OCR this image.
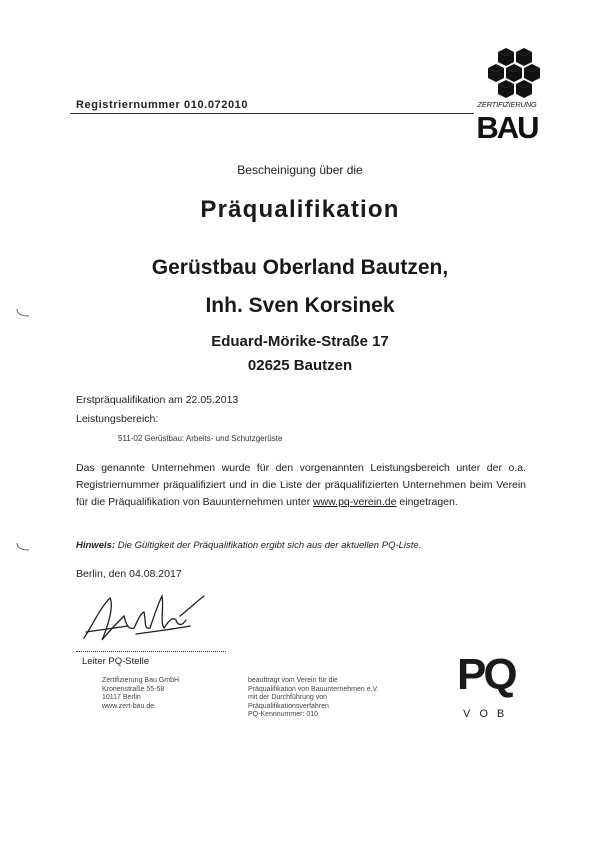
Registriernummer 010.072010	ZERTIFIZIERUNG
BAU
Bescheinigung über die
Präqualifikation
Gerüstbau Oberland Bautzen,
Inh. Sven Korsinek
Eduard-Mörike-Straße 17
02625 Bautzen
Erstpräqualifikation am 22.05.2013
Leistungsbereich:
511-02 Gerüstbau: Arbeits- und Schutzgerüste
Das genannte Unternehmen wurde für den vorgenannten Leistungsbereich unter der o.a. Registriernummer präqualifiziert und in die Liste der präqualifizierten Unternehmen beim Verein für die Präqualifikation von Bauunternehmen unter www.pq-verein.de eingetragen.
Hinweis: Die Gültigkeit der Präqualifikation ergibt sich aus der aktuellen PQ-Liste.
Berlin, den 04.08.2017
Leiter PQ-Stelle
Zertifizierung Bau GmbH
Kronenstraße 55-58
10117 Berlin
www.zert-bau.de
beauftragt vom Verein für die
Präqualifikation von Bauunternehmen e.V.
mit der Durchführung von
Präqualifikationsverfahren
PQ-Kennnummer: 010
PQ
VOB
